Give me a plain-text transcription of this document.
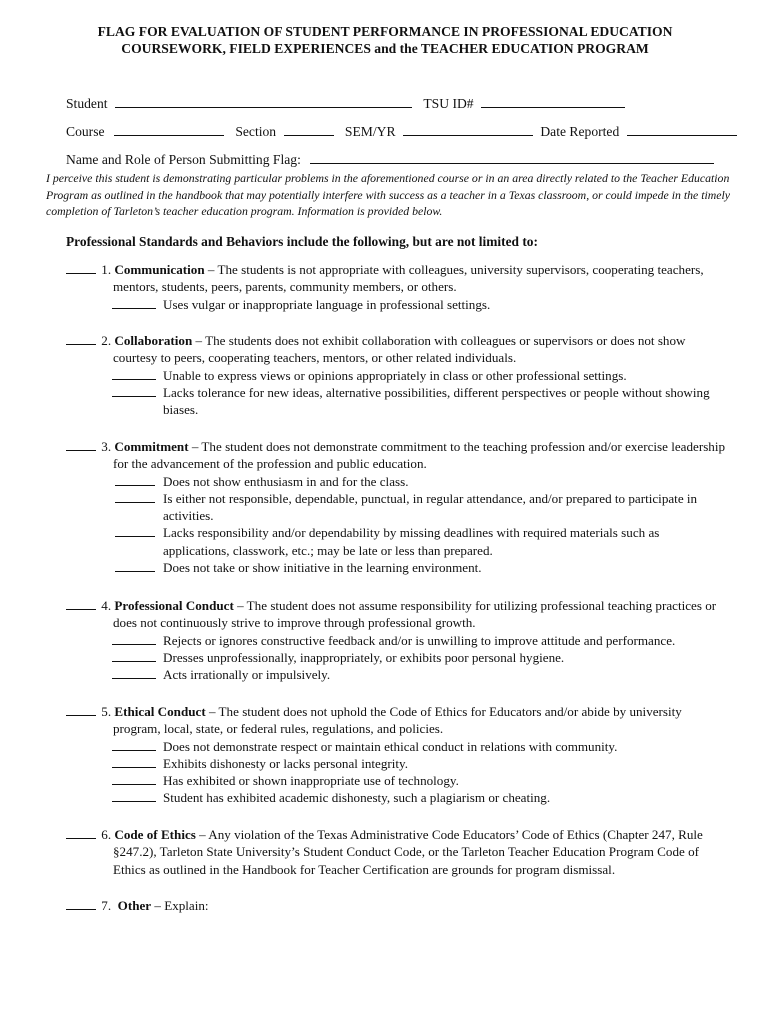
FLAG FOR EVALUATION OF STUDENT PERFORMANCE IN PROFESSIONAL EDUCATION
COURSEWORK, FIELD EXPERIENCES and the TEACHER EDUCATION PROGRAM
Student	TSU ID#
Course	Section	SEM/YR	Date Reported
Name and Role of Person Submitting Flag:
I perceive this student is demonstrating particular problems in the aforementioned course or in an area directly related to the Teacher Education Program as outlined in the handbook that may potentially interfere with success as a teacher in a Texas classroom, or could impede in the timely completion of Tarleton’s teacher education program. Information is provided below.
Professional Standards and Behaviors include the following, but are not limited to:
1. Communication – The students is not appropriate with colleagues, university supervisors, cooperating teachers, mentors, students, peers, parents, community members, or others.
Uses vulgar or inappropriate language in professional settings.
2. Collaboration – The students does not exhibit collaboration with colleagues or supervisors or does not show courtesy to peers, cooperating teachers, mentors, or other related individuals.
Unable to express views or opinions appropriately in class or other professional settings.
Lacks tolerance for new ideas, alternative possibilities, different perspectives or people without showing biases.
3. Commitment – The student does not demonstrate commitment to the teaching profession and/or exercise leadership for the advancement of the profession and public education.
Does not show enthusiasm in and for the class.
Is either not responsible, dependable, punctual, in regular attendance, and/or prepared to participate in activities.
Lacks responsibility and/or dependability by missing deadlines with required materials such as applications, classwork, etc.; may be late or less than prepared.
Does not take or show initiative in the learning environment.
4. Professional Conduct – The student does not assume responsibility for utilizing professional teaching practices or does not continuously strive to improve through professional growth.
Rejects or ignores constructive feedback and/or is unwilling to improve attitude and performance.
Dresses unprofessionally, inappropriately, or exhibits poor personal hygiene.
Acts irrationally or impulsively.
5. Ethical Conduct – The student does not uphold the Code of Ethics for Educators and/or abide by university program, local, state, or federal rules, regulations, and policies.
Does not demonstrate respect or maintain ethical conduct in relations with community.
Exhibits dishonesty or lacks personal integrity.
Has exhibited or shown inappropriate use of technology.
Student has exhibited academic dishonesty, such a plagiarism or cheating.
6. Code of Ethics – Any violation of the Texas Administrative Code Educators’ Code of Ethics (Chapter 247, Rule §247.2), Tarleton State University’s Student Conduct Code, or the Tarleton Teacher Education Program Code of Ethics as outlined in the Handbook for Teacher Certification are grounds for program dismissal.
7. Other – Explain:
